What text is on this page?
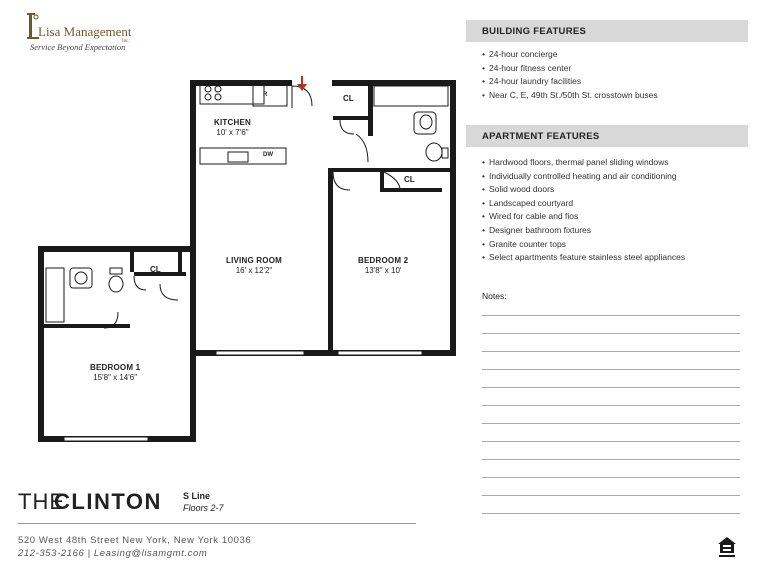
Lisa Management
Inc.
Service Beyond Expectation
R
DW
KITCHEN
10' x 7'6"
LIVING ROOM
16' x 12'2"
BEDROOM 2
13'8" x 10'
BEDROOM 1
15'8" x 14'6"
CL
CL
CL
BUILDING FEATURES
• 24-hour concierge
• 24-hour fitness center
• 24-hour laundry facilities
• Near C, E, 49th St./50th St. crosstown buses
APARTMENT FEATURES
• Hardwood floors, thermal panel sliding windows
• Individually controlled heating and air conditioning
• Solid wood doors
• Landscaped courtyard
• Wired for cable and fios
• Designer bathroom fixtures
• Granite counter tops
• Select apartments feature stainless steel appliances
Notes:
THE
CLINTON S Line
Floors 2-7
520 West 48th Street New York, New York 10036
212-353-2166 | Leasing@lisamgmt.com
